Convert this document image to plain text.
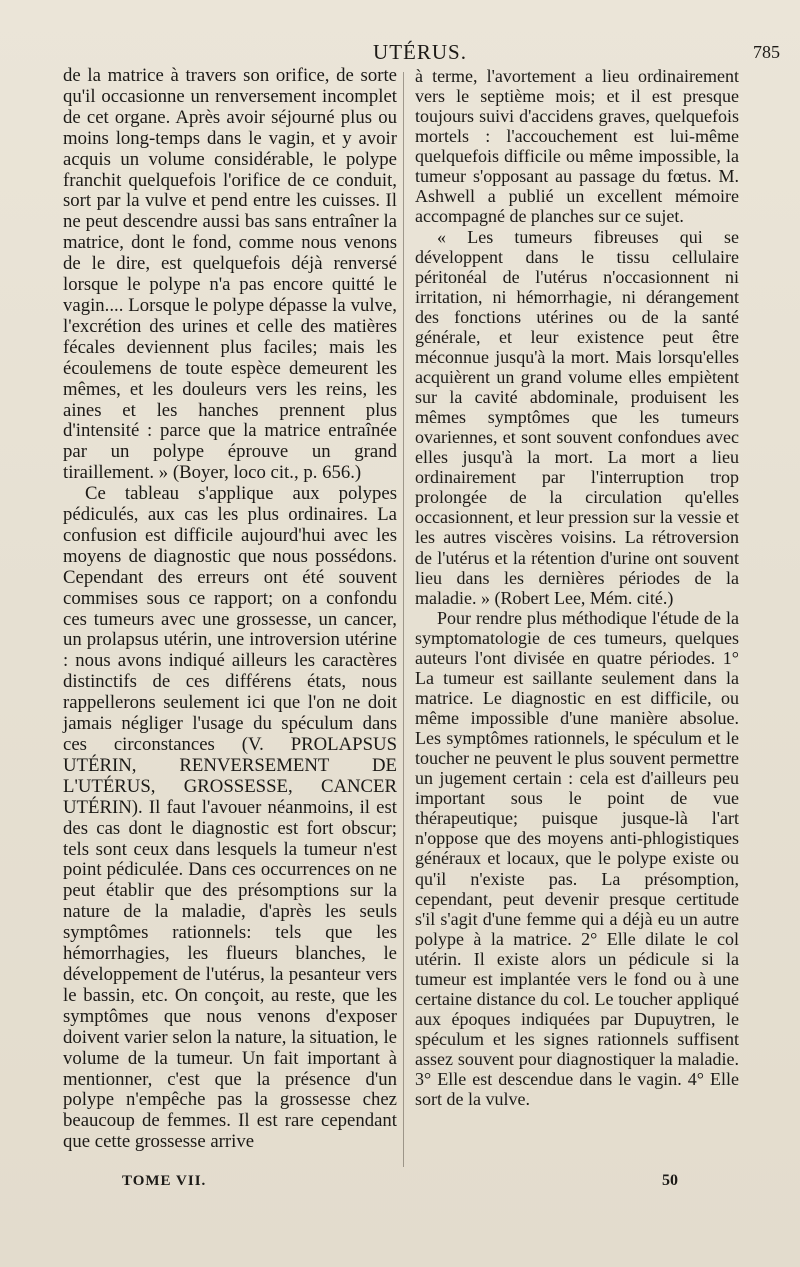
UTÉRUS.	785

de la matrice à travers son orifice, de sorte qu'il occasionne un renversement incomplet de cet organe. Après avoir séjourné plus ou moins long-temps dans le vagin, et y avoir acquis un volume considérable, le polype franchit quelquefois l'orifice de ce conduit, sort par la vulve et pend entre les cuisses. Il ne peut descendre aussi bas sans entraîner la matrice, dont le fond, comme nous venons de le dire, est quelquefois déjà renversé lorsque le polype n'a pas encore quitté le vagin.... Lorsque le polype dépasse la vulve, l'excrétion des urines et celle des matières fécales deviennent plus faciles; mais les écoulemens de toute espèce demeurent les mêmes, et les douleurs vers les reins, les aines et les hanches prennent plus d'intensité : parce que la matrice entraînée par un polype éprouve un grand tiraillement. » (Boyer, loco cit., p. 656.)

Ce tableau s'applique aux polypes pédiculés, aux cas les plus ordinaires. La confusion est difficile aujourd'hui avec les moyens de diagnostic que nous possédons. Cependant des erreurs ont été souvent commises sous ce rapport; on a confondu ces tumeurs avec une grossesse, un cancer, un prolapsus utérin, une introversion utérine : nous avons indiqué ailleurs les caractères distinctifs de ces différens états, nous rappellerons seulement ici que l'on ne doit jamais négliger l'usage du spéculum dans ces circonstances (V. PROLAPSUS UTÉRIN, RENVERSEMENT DE L'UTÉRUS, GROSSESSE, CANCER UTÉRIN). Il faut l'avouer néanmoins, il est des cas dont le diagnostic est fort obscur; tels sont ceux dans lesquels la tumeur n'est point pédiculée. Dans ces occurrences on ne peut établir que des présomptions sur la nature de la maladie, d'après les seuls symptômes rationnels: tels que les hémorrhagies, les flueurs blanches, le développement de l'utérus, la pesanteur vers le bassin, etc. On conçoit, au reste, que les symptômes que nous venons d'exposer doivent varier selon la nature, la situation, le volume de la tumeur. Un fait important à mentionner, c'est que la présence d'un polype n'empêche pas la grossesse chez beaucoup de femmes. Il est rare cependant que cette grossesse arrive

à terme, l'avortement a lieu ordinairement vers le septième mois; et il est presque toujours suivi d'accidens graves, quelquefois mortels : l'accouchement est lui-même quelquefois difficile ou même impossible, la tumeur s'opposant au passage du fœtus. M. Ashwell a publié un excellent mémoire accompagné de planches sur ce sujet.

« Les tumeurs fibreuses qui se développent dans le tissu cellulaire péritonéal de l'utérus n'occasionnent ni irritation, ni hémorrhagie, ni dérangement des fonctions utérines ou de la santé générale, et leur existence peut être méconnue jusqu'à la mort. Mais lorsqu'elles acquièrent un grand volume elles empiètent sur la cavité abdominale, produisent les mêmes symptômes que les tumeurs ovariennes, et sont souvent confondues avec elles jusqu'à la mort. La mort a lieu ordinairement par l'interruption trop prolongée de la circulation qu'elles occasionnent, et leur pression sur la vessie et les autres viscères voisins. La rétroversion de l'utérus et la rétention d'urine ont souvent lieu dans les dernières périodes de la maladie. » (Robert Lee, Mém. cité.)

Pour rendre plus méthodique l'étude de la symptomatologie de ces tumeurs, quelques auteurs l'ont divisée en quatre périodes. 1° La tumeur est saillante seulement dans la matrice. Le diagnostic en est difficile, ou même impossible d'une manière absolue. Les symptômes rationnels, le spéculum et le toucher ne peuvent le plus souvent permettre un jugement certain : cela est d'ailleurs peu important sous le point de vue thérapeutique; puisque jusque-là l'art n'oppose que des moyens anti-phlogistiques généraux et locaux, que le polype existe ou qu'il n'existe pas. La présomption, cependant, peut devenir presque certitude s'il s'agit d'une femme qui a déjà eu un autre polype à la matrice. 2° Elle dilate le col utérin. Il existe alors un pédicule si la tumeur est implantée vers le fond ou à une certaine distance du col. Le toucher appliqué aux époques indiquées par Dupuytren, le spéculum et les signes rationnels suffisent assez souvent pour diagnostiquer la maladie. 3° Elle est descendue dans le vagin. 4° Elle sort de la vulve.

TOME VII.	50
